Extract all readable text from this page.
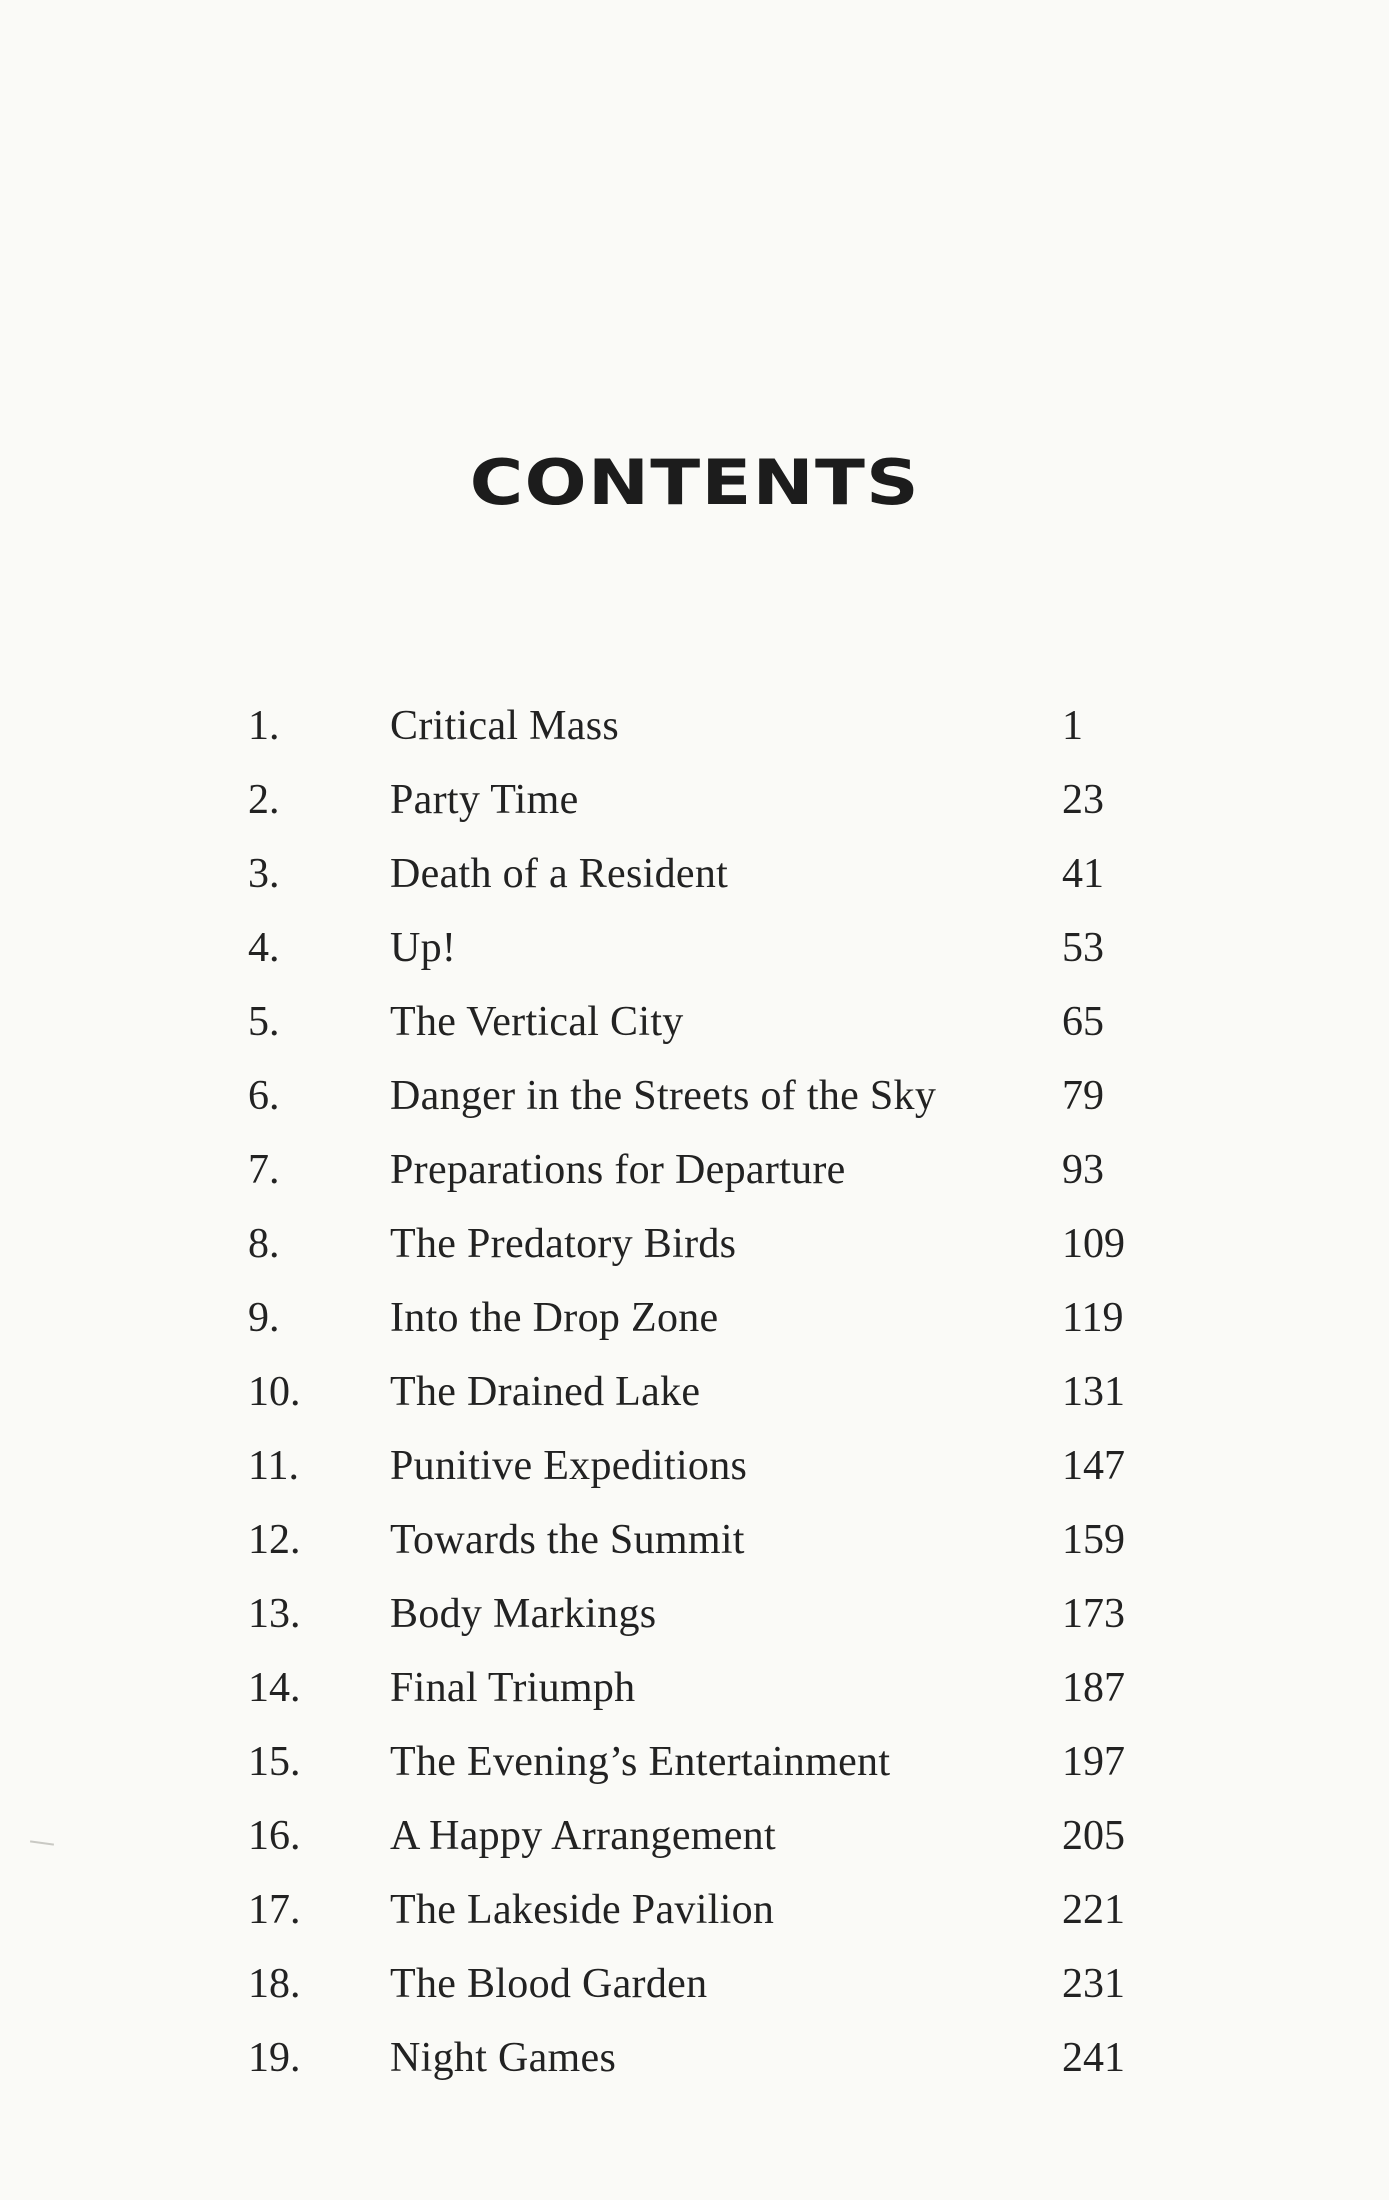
CONTENTS
1.	Critical Mass	1
2.	Party Time	23
3.	Death of a Resident	41
4.	Up!	53
5.	The Vertical City	65
6.	Danger in the Streets of the Sky	79
7.	Preparations for Departure	93
8.	The Predatory Birds	109
9.	Into the Drop Zone	119
10. The Drained Lake	131
11. Punitive Expeditions	147
12. Towards the Summit	159
13. Body Markings	173
14. Final Triumph	187
15. The Evening’s Entertainment	197
16. A Happy Arrangement	205
17. The Lakeside Pavilion	221
18. The Blood Garden	231
19. Night Games	241
